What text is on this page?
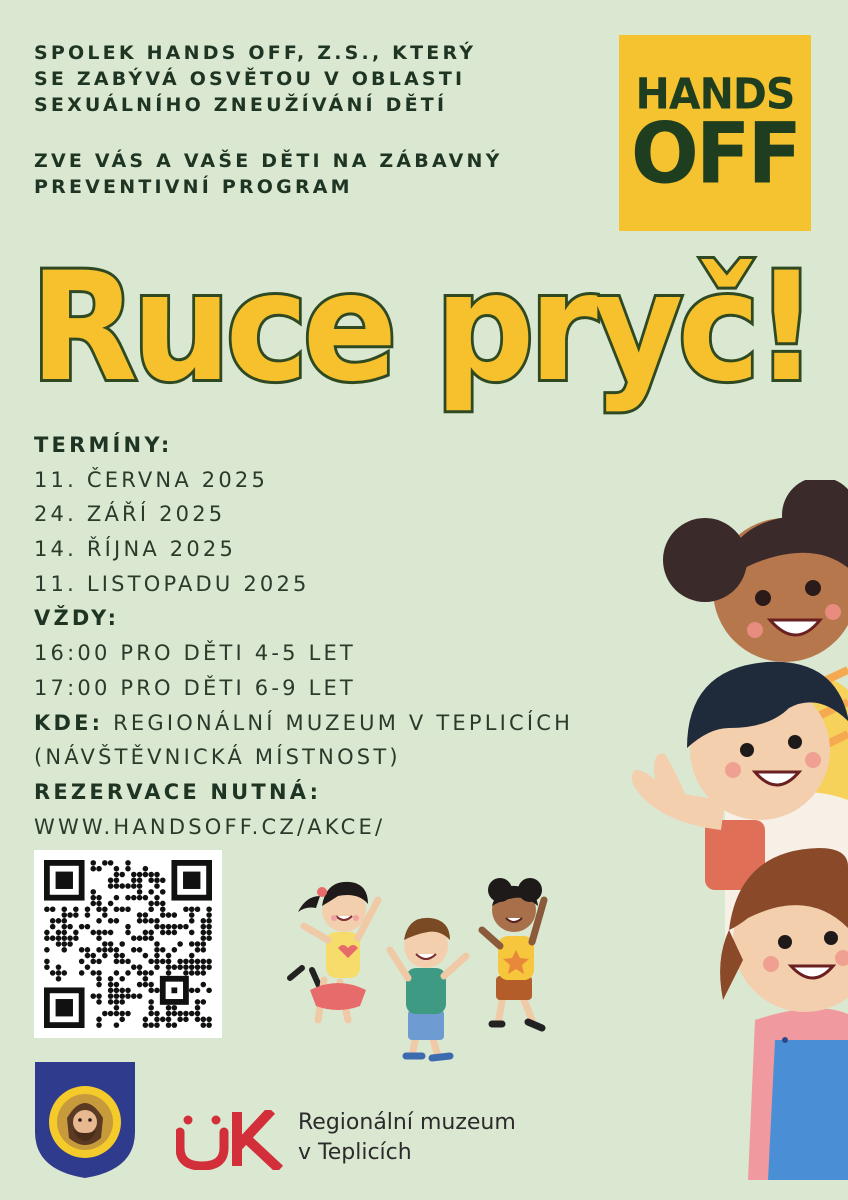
SPOLEK HANDS OFF, Z.S., KTERÝ

SE ZABÝVÁ OSVĚTOU V OBLASTI

SEXUÁLNÍHO ZNEUŽÍVÁNÍ DĚTÍ

ZVE VÁS A VAŠE DĚTI NA ZÁBAVNÝ

PREVENTIVNÍ PROGRAM

HANDS
OFF
Ruce pryč!
TERMÍNY:
11. ČERVNA 2025
24. ZÁŘÍ 2025
14. ŘÍJNA 2025
11. LISTOPADU 2025
VŽDY:
16:00 PRO DĚTI 4-5 LET
17:00 PRO DĚTI 6-9 LET
KDE: REGIONÁLNÍ MUZEUM V TEPLICÍCH
(NÁVŠTĚVNICKÁ MÍSTNOST)
REZERVACE NUTNÁ:
WWW.HANDSOFF.CZ/AKCE/
Regionální muzeum
v Teplicích
